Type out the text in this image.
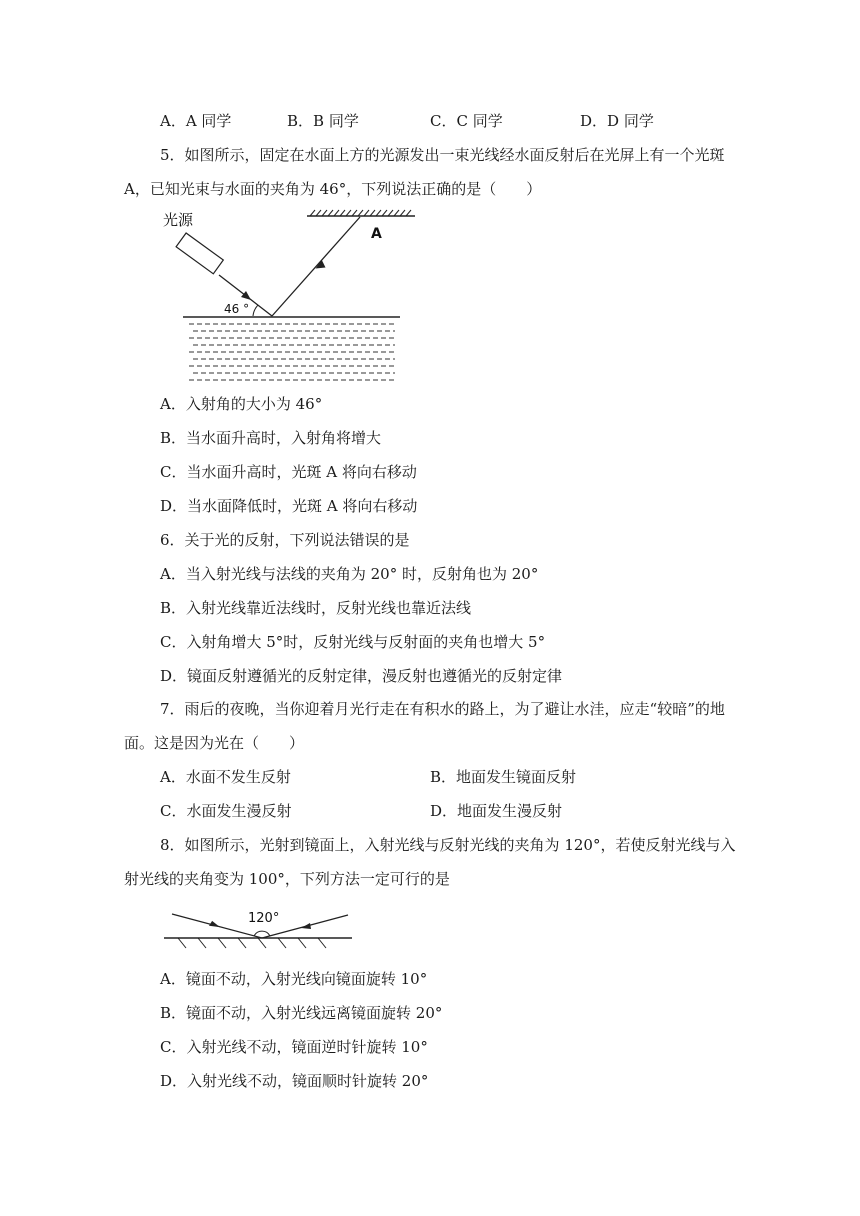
A．A 同学	B．B 同学	C．C 同学	D．D 同学
5．如图所示，固定在水面上方的光源发出一束光线经水面反射后在光屏上有一个光斑
A，已知光束与水面的夹角为 46°，下列说法正确的是（　　）
光源
A
46 °
A．入射角的大小为 46°
B．当水面升高时，入射角将增大
C．当水面升高时，光斑 A 将向右移动
D．当水面降低时，光斑 A 将向右移动
6．关于光的反射，下列说法错误的是
A．当入射光线与法线的夹角为 20° 时，反射角也为 20°
B．入射光线靠近法线时，反射光线也靠近法线
C．入射角增大 5°时，反射光线与反射面的夹角也增大 5°
D．镜面反射遵循光的反射定律，漫反射也遵循光的反射定律
7．雨后的夜晚，当你迎着月光行走在有积水的路上，为了避让水洼，应走“较暗”的地
面。这是因为光在（　　）
A．水面不发生反射	B．地面发生镜面反射
C．水面发生漫反射	D．地面发生漫反射
8．如图所示，光射到镜面上，入射光线与反射光线的夹角为 120°，若使反射光线与入
射光线的夹角变为 100°，下列方法一定可行的是
120°
A．镜面不动，入射光线向镜面旋转 10°
B．镜面不动，入射光线远离镜面旋转 20°
C．入射光线不动，镜面逆时针旋转 10°
D．入射光线不动，镜面顺时针旋转 20°
